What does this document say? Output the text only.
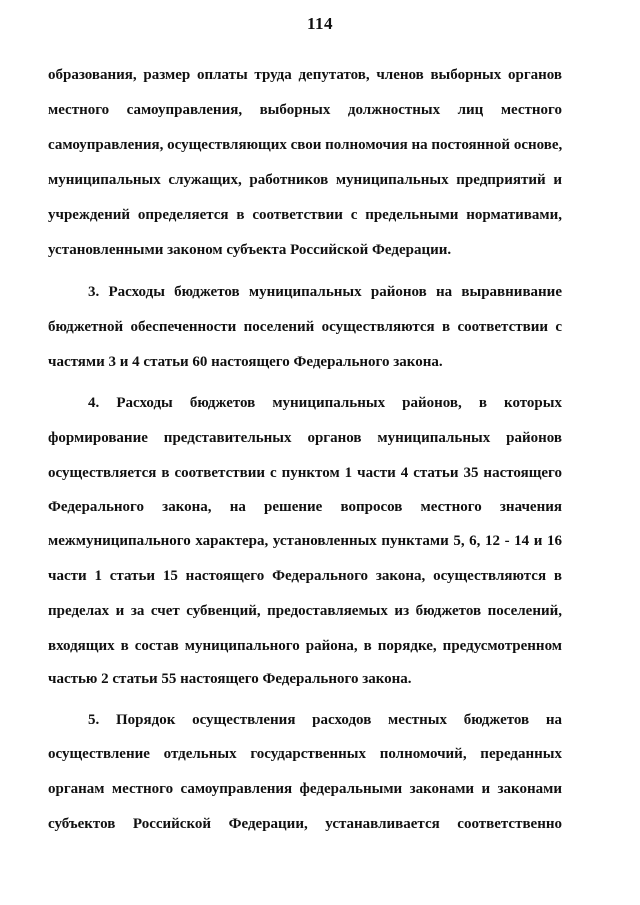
114
образования, размер оплаты труда депутатов, членов выборных органов
местного самоуправления, выборных должностных лиц местного
самоуправления, осуществляющих свои полномочия на постоянной основе,
муниципальных служащих, работников муниципальных предприятий и
учреждений определяется в соответствии с предельными нормативами,
установленными законом субъекта Российской Федерации.
3. Расходы бюджетов муниципальных районов на выравнивание
бюджетной обеспеченности поселений осуществляются в соответствии с
частями 3 и 4 статьи 60 настоящего Федерального закона.
4. Расходы бюджетов муниципальных районов, в которых
формирование представительных органов муниципальных районов
осуществляется в соответствии с пунктом 1 части 4 статьи 35 настоящего
Федерального закона, на решение вопросов местного значения
межмуниципального характера, установленных пунктами 5, 6, 12 - 14 и 16
части 1 статьи 15 настоящего Федерального закона, осуществляются в
пределах и за счет субвенций, предоставляемых из бюджетов поселений,
входящих в состав муниципального района, в порядке, предусмотренном
частью 2 статьи 55 настоящего Федерального закона.
5. Порядок осуществления расходов местных бюджетов на
осуществление отдельных государственных полномочий, переданных
органам местного самоуправления федеральными законами и законами
субъектов Российской Федерации, устанавливается соответственно
